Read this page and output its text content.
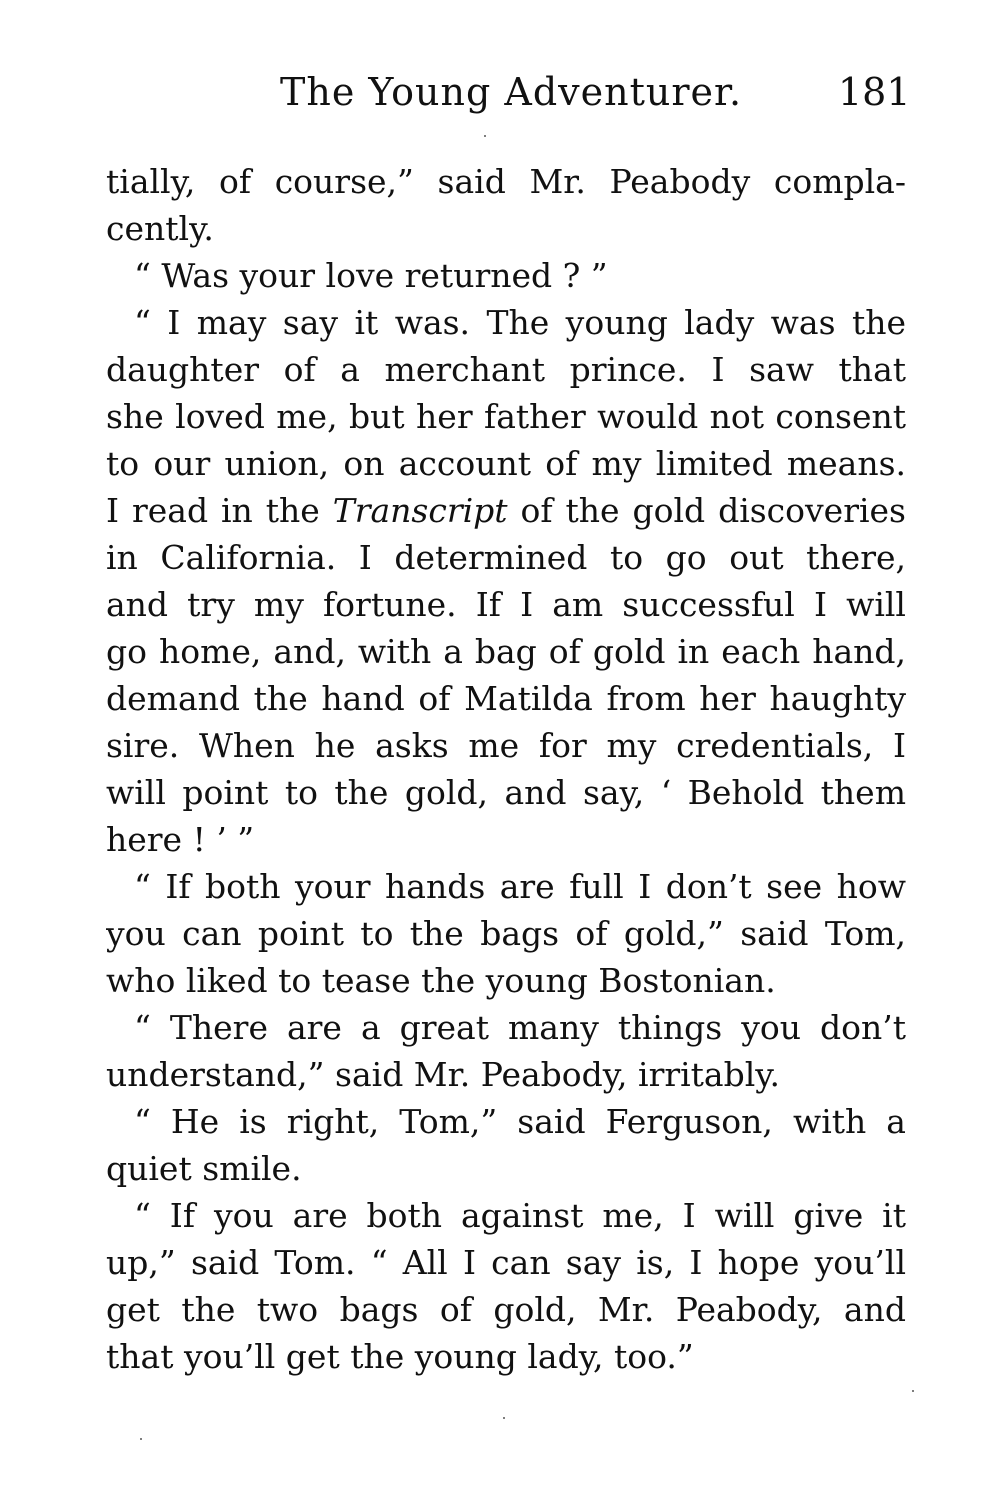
The Young Adventurer.	181
tially, of course,” said Mr. Peabody compla-
cently.
“ Was your love returned ? ”
“ I may say it was. The young lady was the
daughter of a merchant prince. I saw that
she loved me, but her father would not consent
to our union, on account of my limited means.
I read in the Transcript of the gold discoveries
in California. I determined to go out there,
and try my fortune. If I am successful I will
go home, and, with a bag of gold in each hand,
demand the hand of Matilda from her haughty
sire. When he asks me for my credentials, I
will point to the gold, and say, ‘ Behold them
here ! ’ ”
“ If both your hands are full I don’t see how
you can point to the bags of gold,” said Tom,
who liked to tease the young Bostonian.
“ There are a great many things you don’t
understand,” said Mr. Peabody, irritably.
“ He is right, Tom,” said Ferguson, with a
quiet smile.
“ If you are both against me, I will give it
up,” said Tom. “ All I can say is, I hope you’ll
get the two bags of gold, Mr. Peabody, and
that you’ll get the young lady, too.”
